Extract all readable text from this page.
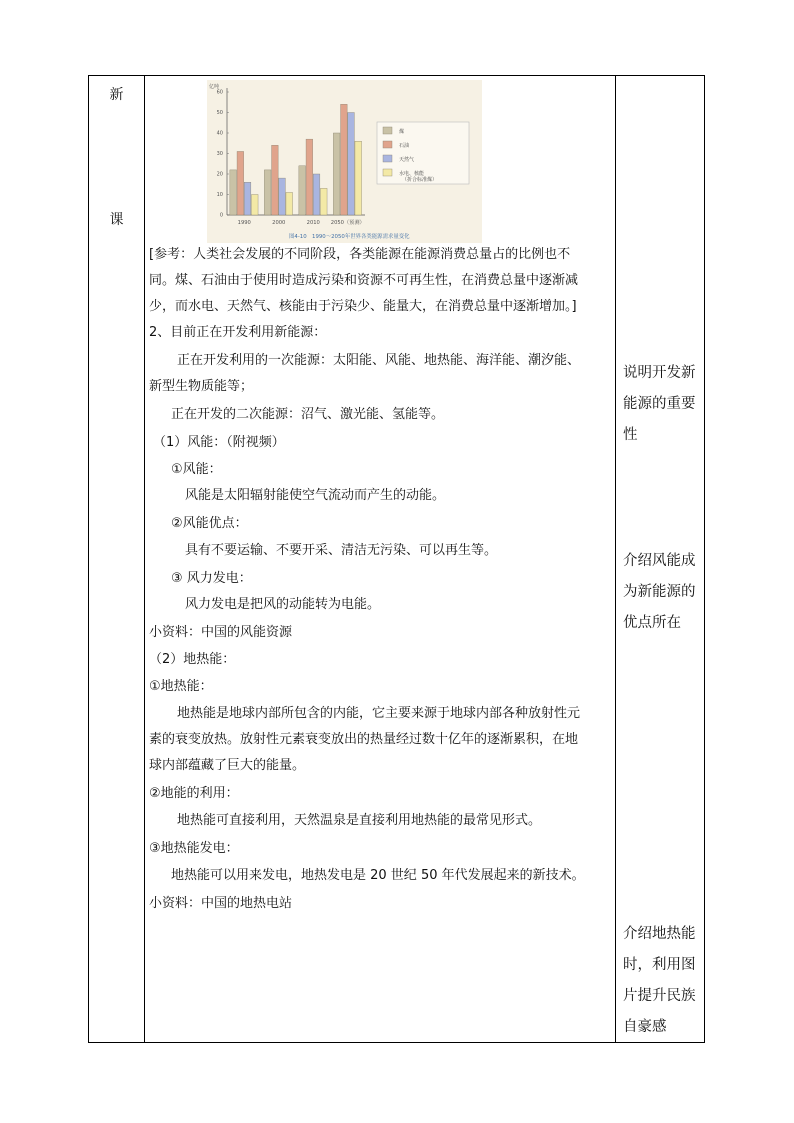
新
课
亿吨
0
10
20
30
40
50
60
1990	2000	2010 2050（预测）
煤
石油
天然气
水电、核能
（折合标准煤）
图4-10　1990～2050年世界各类能源需求量变化
[参考：人类社会发展的不同阶段，各类能源在能源消费总量占的比例也不
同。煤、石油由于使用时造成污染和资源不可再生性，在消费总量中逐渐减
少，而水电、天然气、核能由于污染少、能量大，在消费总量中逐渐增加。]
2、目前正在开发利用新能源：
正在开发利用的一次能源：太阳能、风能、地热能、海洋能、潮汐能、
新型生物质能等；
正在开发的二次能源：沼气、激光能、氢能等。
（1）风能：（附视频）
①风能：
风能是太阳辐射能使空气流动而产生的动能。
②风能优点：
具有不要运输、不要开采、清洁无污染、可以再生等。
③ 风力发电：
风力发电是把风的动能转为电能。
小资料：中国的风能资源
（2）地热能：
①地热能：
地热能是地球内部所包含的内能，它主要来源于地球内部各种放射性元
素的衰变放热。放射性元素衰变放出的热量经过数十亿年的逐渐累积，在地
球内部蕴藏了巨大的能量。
②地能的利用：
地热能可直接利用，天然温泉是直接利用地热能的最常见形式。
③地热能发电：
地热能可以用来发电，地热发电是 20 世纪 50 年代发展起来的新技术。
小资料：中国的地热电站
说明开发新
能源的重要
性
介绍风能成
为新能源的
优点所在
介绍地热能
时，利用图
片提升民族
自豪感
